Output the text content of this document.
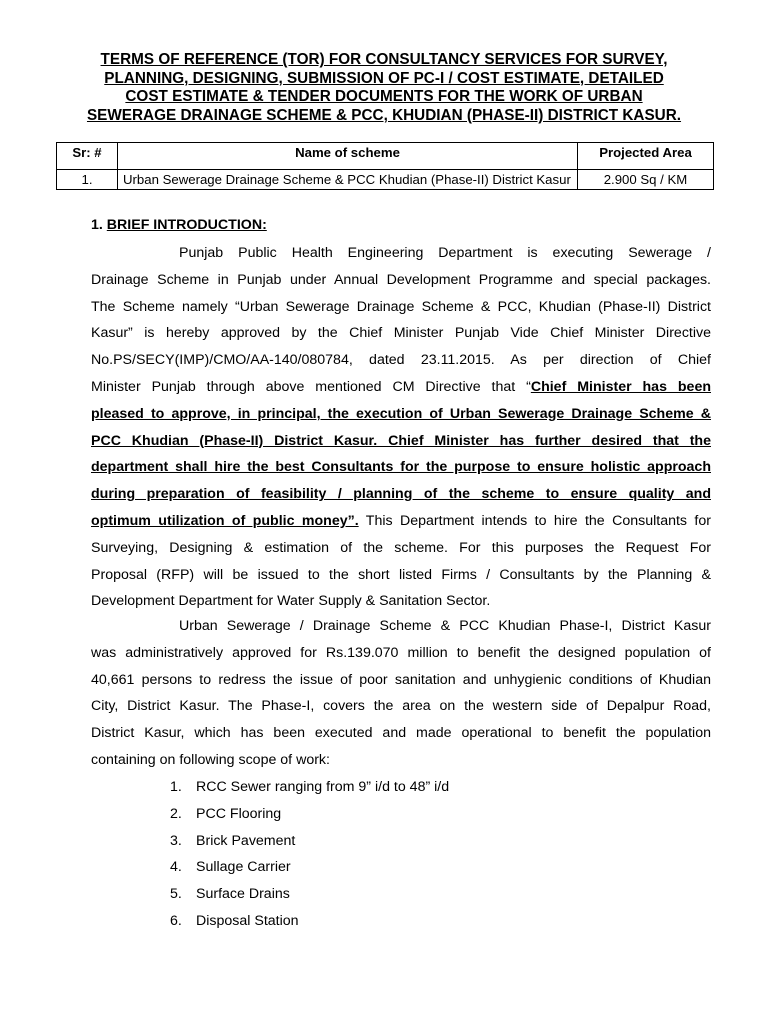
TERMS OF REFERENCE (TOR) FOR CONSULTANCY SERVICES FOR SURVEY,
PLANNING, DESIGNING, SUBMISSION OF PC-I / COST ESTIMATE, DETAILED
COST ESTIMATE & TENDER DOCUMENTS FOR THE WORK OF URBAN
SEWERAGE DRAINAGE SCHEME & PCC, KHUDIAN (PHASE-II) DISTRICT KASUR.
Sr: #	Name of scheme	Projected Area
1.	Urban Sewerage Drainage Scheme & PCC Khudian (Phase-II) District Kasur	2.900 Sq / KM
1. BRIEF INTRODUCTION:
Punjab Public Health Engineering Department is executing Sewerage /
Drainage Scheme in Punjab under Annual Development Programme and special packages.
The Scheme namely “Urban Sewerage Drainage Scheme & PCC, Khudian (Phase-II) District
Kasur” is hereby approved by the Chief Minister Punjab Vide Chief Minister Directive
No.PS/SECY(IMP)/CMO/AA-140/080784, dated 23.11.2015. As per direction of Chief
Minister Punjab through above mentioned CM Directive that “Chief Minister has been
pleased to approve, in principal, the execution of Urban Sewerage Drainage Scheme &
PCC Khudian (Phase-II) District Kasur. Chief Minister has further desired that the
department shall hire the best Consultants for the purpose to ensure holistic approach
during preparation of feasibility / planning of the scheme to ensure quality and
optimum utilization of public money”. This Department intends to hire the Consultants for
Surveying, Designing & estimation of the scheme. For this purposes the Request For
Proposal (RFP) will be issued to the short listed Firms / Consultants by the Planning &
Development Department for Water Supply & Sanitation Sector.
Urban Sewerage / Drainage Scheme & PCC Khudian Phase-I, District Kasur
was administratively approved for Rs.139.070 million to benefit the designed population of
40,661 persons to redress the issue of poor sanitation and unhygienic conditions of Khudian
City, District Kasur. The Phase-I, covers the area on the western side of Depalpur Road,
District Kasur, which has been executed and made operational to benefit the population
containing on following scope of work:
1. RCC Sewer ranging from 9” i/d to 48” i/d
2. PCC Flooring
3. Brick Pavement
4. Sullage Carrier
5. Surface Drains
6. Disposal Station
